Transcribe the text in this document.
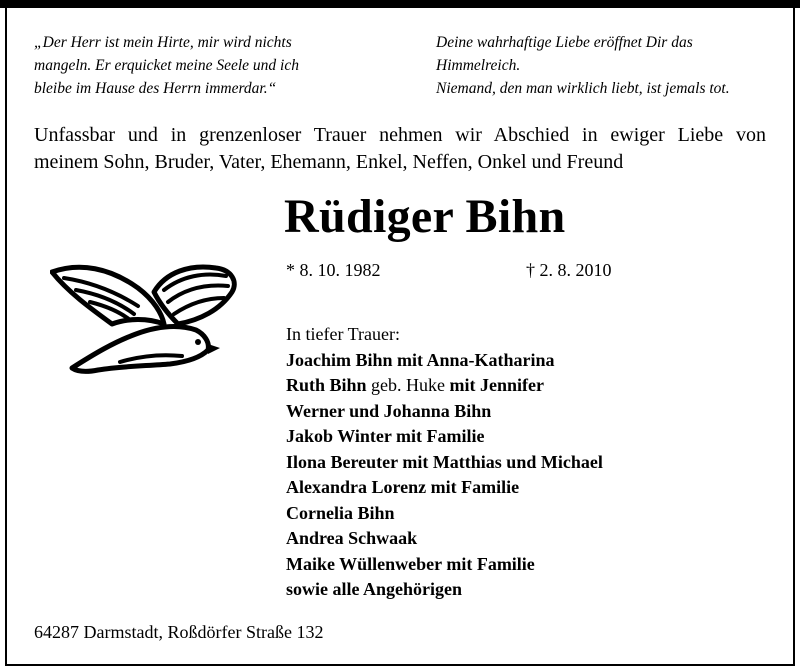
„Der Herr ist mein Hirte, mir wird nichts
mangeln. Er erquicket meine Seele und ich
bleibe im Hause des Herrn immerdar.“
Deine wahrhaftige Liebe eröffnet Dir das
Himmelreich.
Niemand, den man wirklich liebt, ist jemals tot.
Unfassbar und in grenzenloser Trauer nehmen wir Abschied in ewiger Liebe von
meinem Sohn, Bruder, Vater, Ehemann, Enkel, Neffen, Onkel und Freund
Rüdiger Bihn
* 8. 10. 1982	† 2. 8. 2010
In tiefer Trauer:
Joachim Bihn mit Anna-Katharina
Ruth Bihn geb. Huke mit Jennifer
Werner und Johanna Bihn
Jakob Winter mit Familie
Ilona Bereuter mit Matthias und Michael
Alexandra Lorenz mit Familie
Cornelia Bihn
Andrea Schwaak
Maike Wüllenweber mit Familie
sowie alle Angehörigen
64287 Darmstadt, Roßdörfer Straße 132
